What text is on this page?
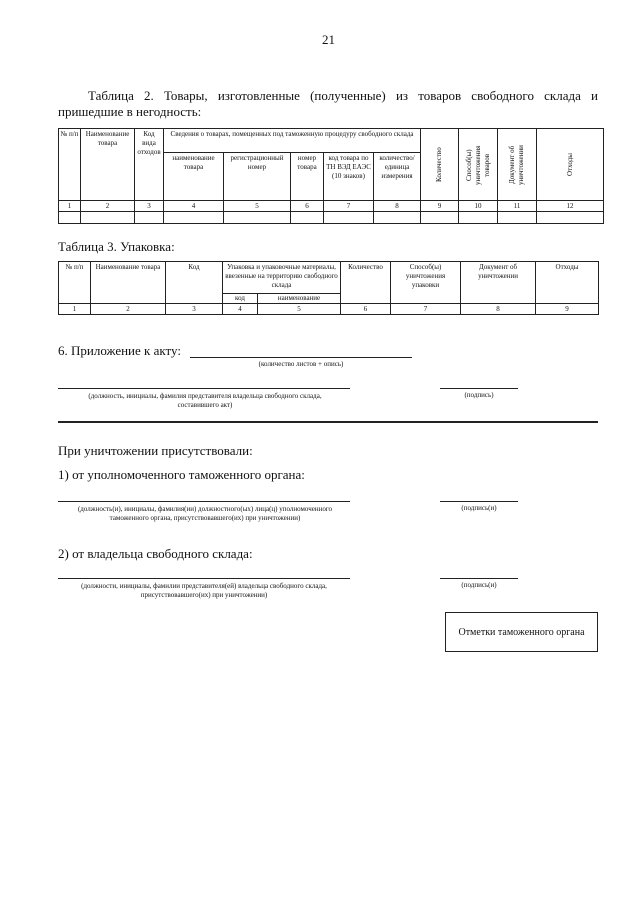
21
Таблица 2. Товары, изготовленные (полученные) из товаров свободного склада и пришедшие в негодность:
№ п/п	Наименование товара	Код вида отходов	Сведения о товарах, помещенных под таможенную процедуру свободного склада					Количество	Способ(ы) уничтожения товаров	Документ об уничтожении	Отходы

			наименование товара	регистрационный номер	номер товара	код товара по ТН ВЭД ЕАЭС (10 знаков)	количество/ единица измерения				
1	2	3	4	5	6	7	8	9	10	11	12

Таблица 3. Упаковка:
№ п/п	Наименование товара	Код	Упаковка и упаковочные материалы, ввезенные на территорию свободного склада		Количество	Способ(ы) уничтожения упаковки	Документ об уничтожении	Отходы
			код	наименование				
1	2	3	4	5	6	7	8	9
6. Приложение к акту:
(количество листов + опись)
(должность, инициалы, фамилия представителя владельца свободного склада, составившего акт)
(подпись)
При уничтожении присутствовали:
1) от уполномоченного таможенного органа:
(должность(и), инициалы, фамилия(ии) должностного(ых) лица(ц) уполномоченного таможенного органа, присутствовавшего(их) при уничтожении)
(подпись(и)
2) от владельца свободного склада:
(должности, инициалы, фамилии представителя(ей) владельца свободного склада, присутствовавшего(их) при уничтожении)
(подпись(и)
Отметки таможенного органа
